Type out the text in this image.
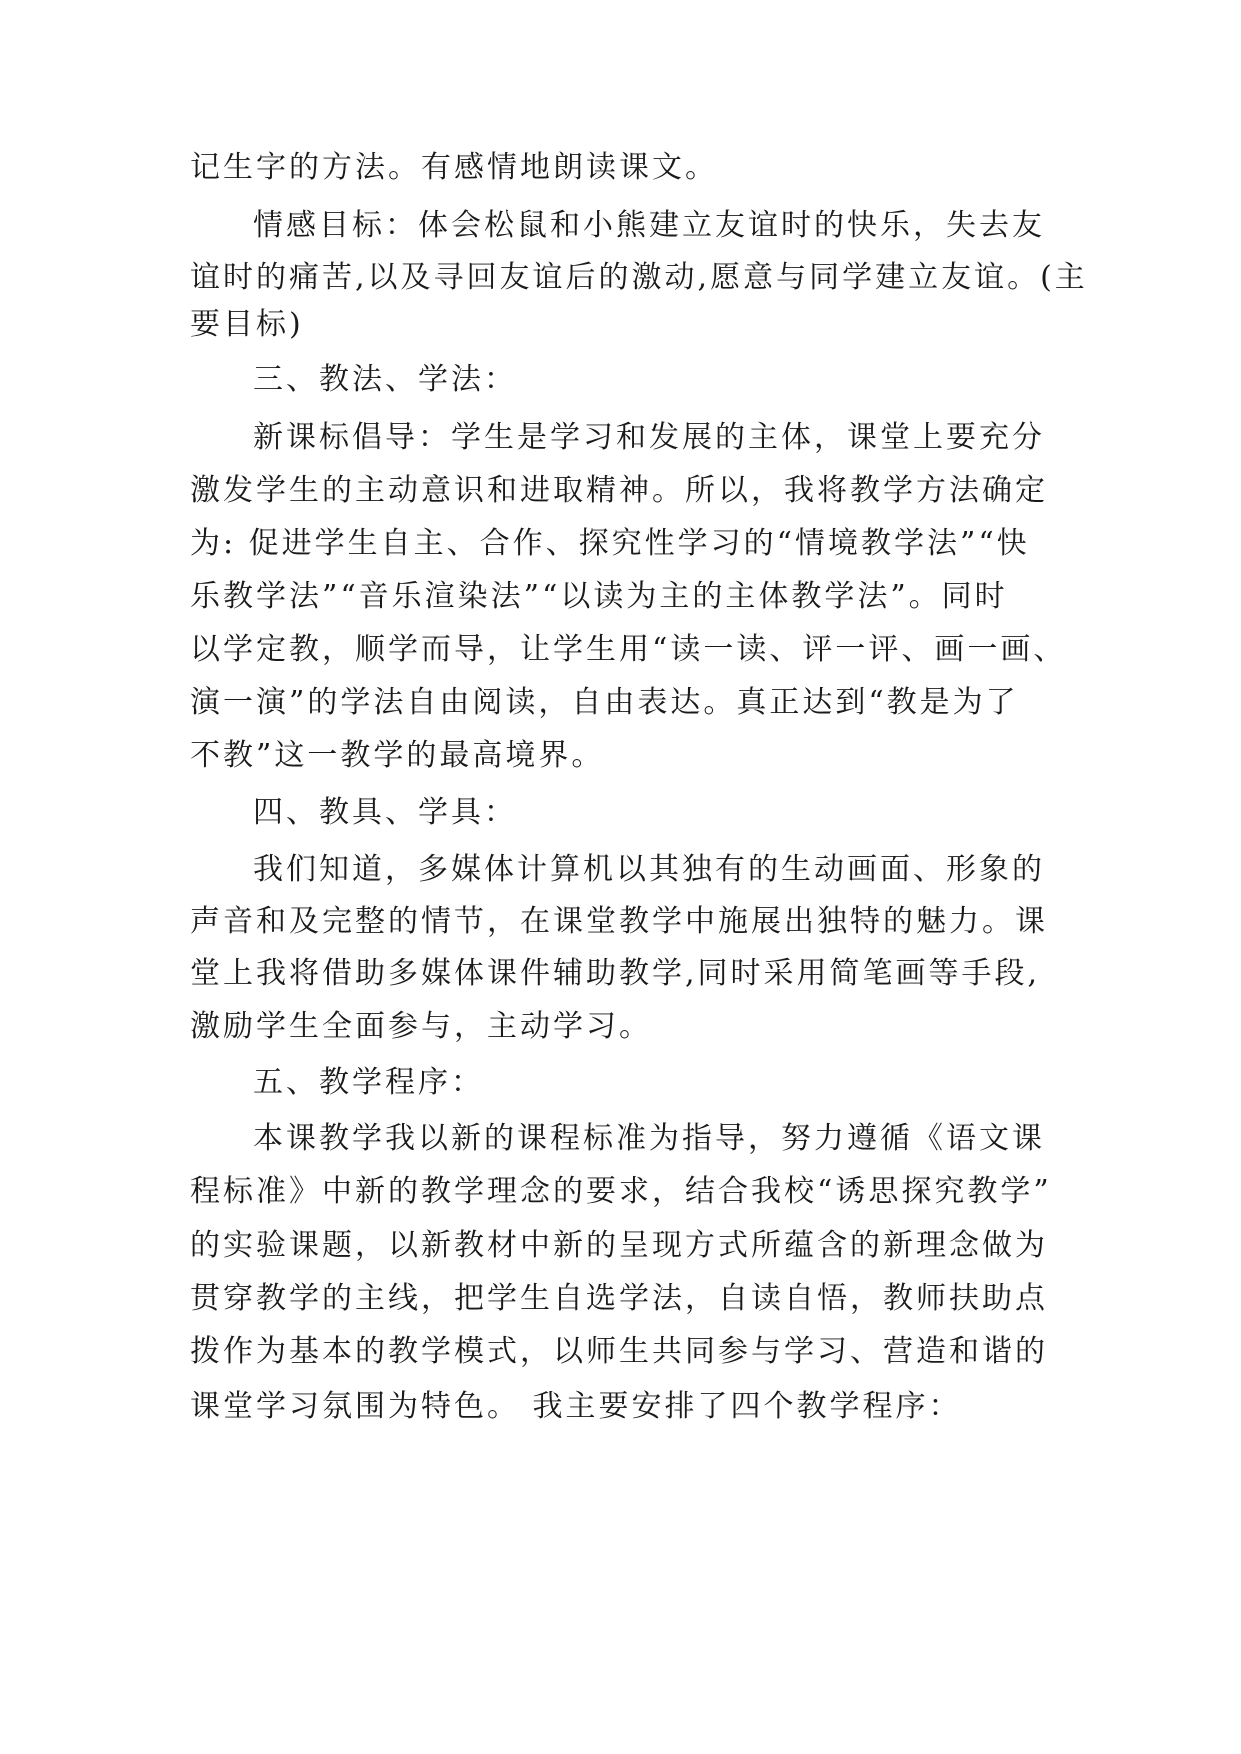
记生字的方法。有感情地朗读课文。
情感目标：体会松鼠和小熊建立友谊时的快乐，失去友
谊时的痛苦,以及寻回友谊后的激动,愿意与同学建立友谊。(主
要目标)
三、教法、学法：
新课标倡导：学生是学习和发展的主体，课堂上要充分
激发学生的主动意识和进取精神。所以，我将教学方法确定
为: 促进学生自主、合作、探究性学习的“情境教学法”“快
乐教学法”“音乐渲染法”“以读为主的主体教学法”。同时
以学定教，顺学而导，让学生用“读一读、评一评、画一画、
演一演”的学法自由阅读，自由表达。真正达到“教是为了
不教”这一教学的最高境界。
四、教具、学具：
我们知道，多媒体计算机以其独有的生动画面、形象的
声音和及完整的情节，在课堂教学中施展出独特的魅力。课
堂上我将借助多媒体课件辅助教学,同时采用简笔画等手段,
激励学生全面参与，主动学习。
五、教学程序：
本课教学我以新的课程标准为指导，努力遵循《语文课
程标准》中新的教学理念的要求，结合我校“诱思探究教学”
的实验课题，以新教材中新的呈现方式所蕴含的新理念做为
贯穿教学的主线，把学生自选学法，自读自悟，教师扶助点
拨作为基本的教学模式，以师生共同参与学习、营造和谐的
课堂学习氛围为特色。 我主要安排了四个教学程序：
